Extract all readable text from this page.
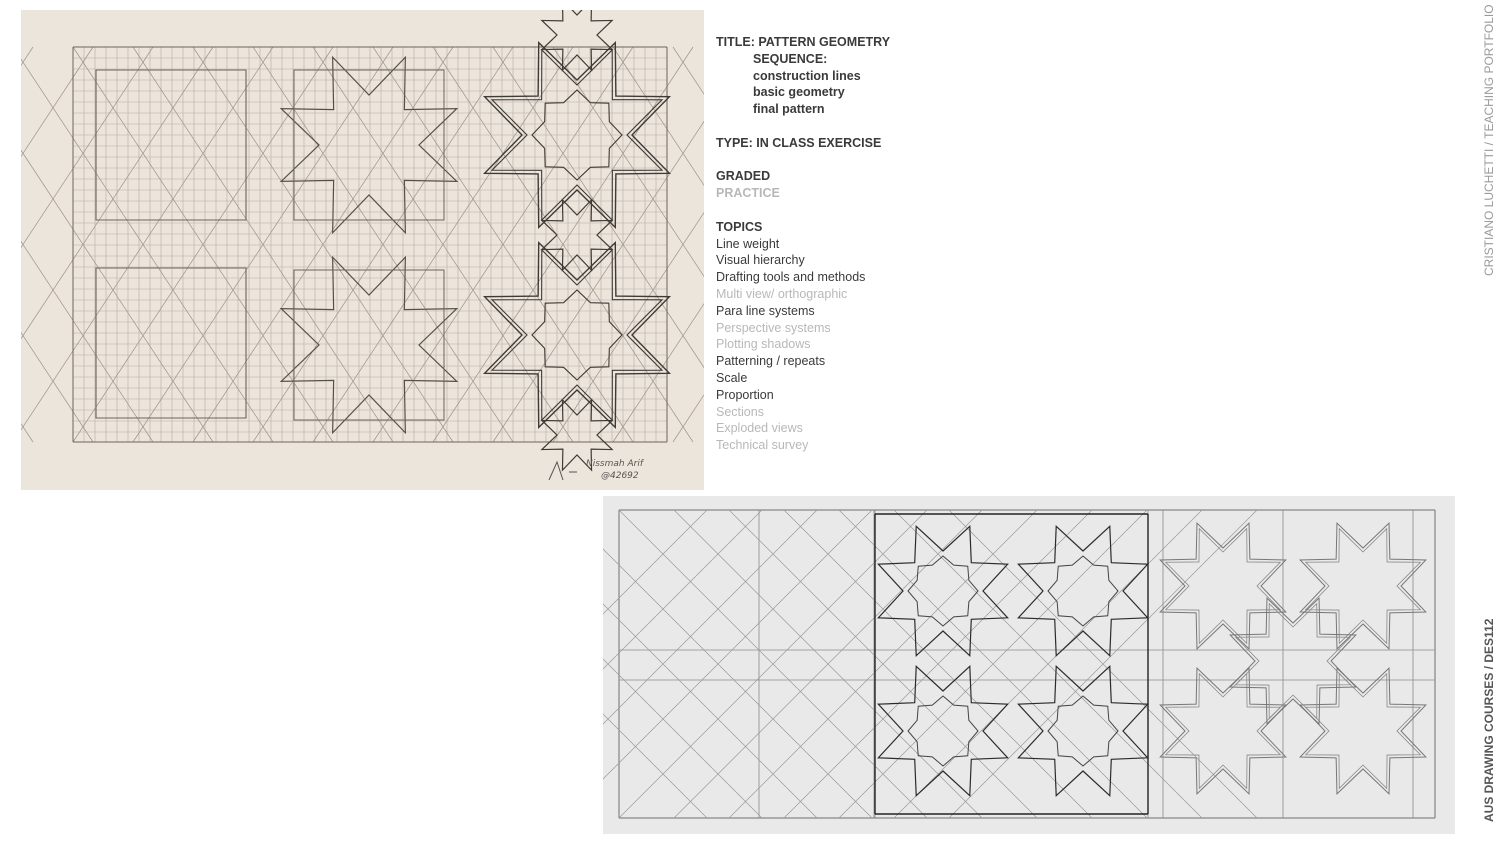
Nissmah Arif
@42692
TITLE: PATTERN GEOMETRY
SEQUENCE:
construction lines
basic geometry
final pattern
TYPE: IN CLASS EXERCISE
GRADED
PRACTICE
TOPICS
Line weight
Visual hierarchy
Drafting tools and methods
Multi view/ orthographic
Para line systems
Perspective systems
Plotting shadows
Patterning / repeats
Scale
Proportion
Sections
Exploded views
Technical survey
CRISTIANO LUCHETTI / TEACHING PORTFOLIO
AUS DRAWING COURSES / DES112
